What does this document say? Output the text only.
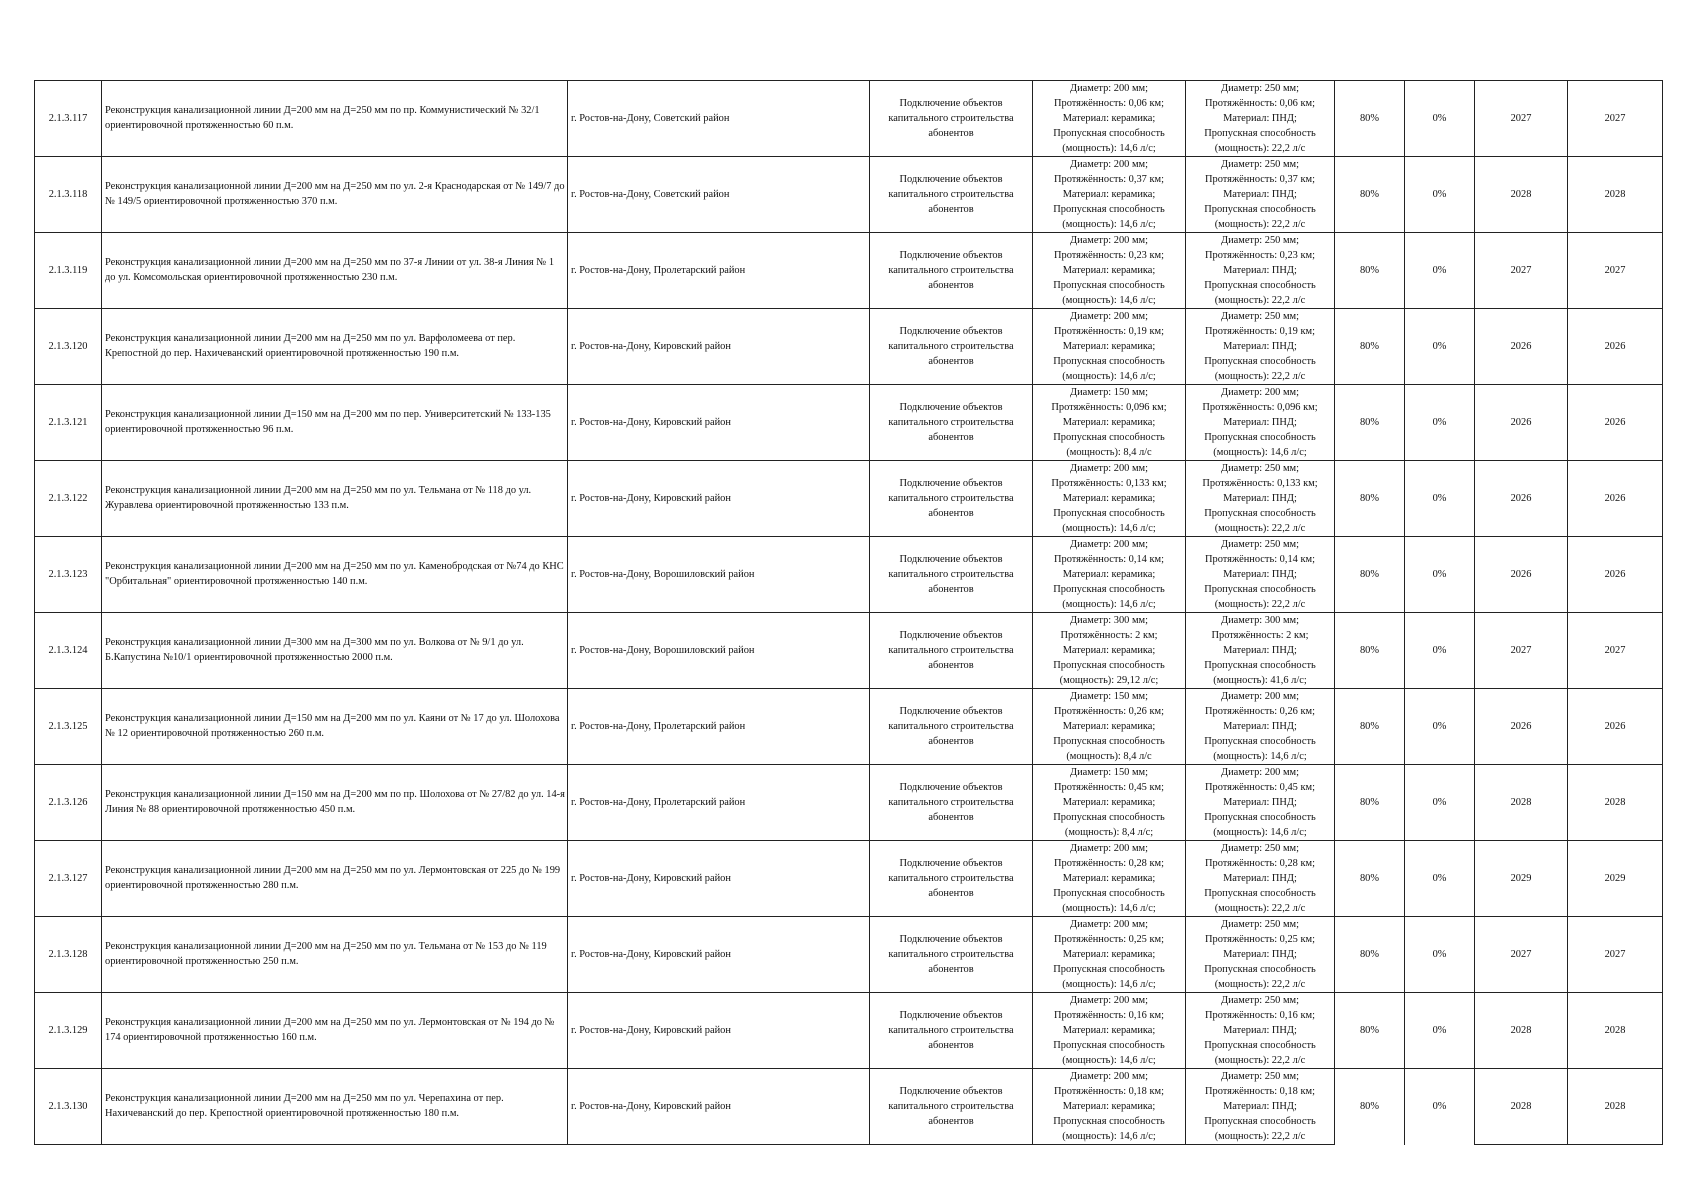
2.1.3.117	Реконструкция канализационной линии Д=200 мм на Д=250 мм по пр. Коммунистический № 32/1 ориентировочной протяженностью 60 п.м.	г. Ростов-на-Дону, Советский район	Подключение объектов капитального строительства абонентов	Диаметр: 200 мм;
Протяжённость: 0,06 км;
Материал: керамика;
Пропускная способность
(мощность): 14,6 л/с;	Диаметр: 250 мм;
Протяжённость: 0,06 км;
Материал: ПНД;
Пропускная способность
(мощность): 22,2 л/с	80%	0%	2027	2027
2.1.3.118	Реконструкция канализационной линии Д=200 мм на Д=250 мм по ул. 2-я Краснодарская от № 149/7 до № 149/5 ориентировочной протяженностью 370 п.м.	г. Ростов-на-Дону, Советский район	Подключение объектов капитального строительства абонентов	Диаметр: 200 мм;
Протяжённость: 0,37 км;
Материал: керамика;
Пропускная способность
(мощность): 14,6 л/с;	Диаметр: 250 мм;
Протяжённость: 0,37 км;
Материал: ПНД;
Пропускная способность
(мощность): 22,2 л/с	80%	0%	2028	2028
2.1.3.119	Реконструкция канализационной линии Д=200 мм на Д=250 мм по 37-я Линии от ул. 38-я Линия № 1 до ул. Комсомольская ориентировочной протяженностью 230 п.м.	г. Ростов-на-Дону, Пролетарский район	Подключение объектов капитального строительства абонентов	Диаметр: 200 мм;
Протяжённость: 0,23 км;
Материал: керамика;
Пропускная способность
(мощность): 14,6 л/с;	Диаметр: 250 мм;
Протяжённость: 0,23 км;
Материал: ПНД;
Пропускная способность
(мощность): 22,2 л/с	80%	0%	2027	2027
2.1.3.120	Реконструкция канализационной линии Д=200 мм на Д=250 мм по ул. Варфоломеева от пер. Крепостной до пер. Нахичеванский ориентировочной протяженностью 190 п.м.	г. Ростов-на-Дону, Кировский район	Подключение объектов капитального строительства абонентов	Диаметр: 200 мм;
Протяжённость: 0,19 км;
Материал: керамика;
Пропускная способность
(мощность): 14,6 л/с;	Диаметр: 250 мм;
Протяжённость: 0,19 км;
Материал: ПНД;
Пропускная способность
(мощность): 22,2 л/с	80%	0%	2026	2026
2.1.3.121	Реконструкция канализационной линии Д=150 мм на Д=200 мм по пер. Университетский № 133-135 ориентировочной протяженностью 96 п.м.	г. Ростов-на-Дону, Кировский район	Подключение объектов капитального строительства абонентов	Диаметр: 150 мм;
Протяжённость: 0,096 км;
Материал: керамика;
Пропускная способность
(мощность): 8,4 л/с	Диаметр: 200 мм;
Протяжённость: 0,096 км;
Материал: ПНД;
Пропускная способность
(мощность): 14,6 л/с;	80%	0%	2026	2026
2.1.3.122	Реконструкция канализационной линии Д=200 мм на Д=250 мм по ул. Тельмана от № 118 до ул. Журавлева ориентировочной протяженностью 133 п.м.	г. Ростов-на-Дону, Кировский район	Подключение объектов капитального строительства абонентов	Диаметр: 200 мм;
Протяжённость: 0,133 км;
Материал: керамика;
Пропускная способность
(мощность): 14,6 л/с;	Диаметр: 250 мм;
Протяжённость: 0,133 км;
Материал: ПНД;
Пропускная способность
(мощность): 22,2 л/с	80%	0%	2026	2026
2.1.3.123	Реконструкция канализационной линии Д=200 мм на Д=250 мм по ул. Каменобродская от №74 до КНС "Орбитальная" ориентировочной протяженностью 140 п.м.	г. Ростов-на-Дону, Ворошиловский район	Подключение объектов капитального строительства абонентов	Диаметр: 200 мм;
Протяжённость: 0,14 км;
Материал: керамика;
Пропускная способность
(мощность): 14,6 л/с;	Диаметр: 250 мм;
Протяжённость: 0,14 км;
Материал: ПНД;
Пропускная способность
(мощность): 22,2 л/с	80%	0%	2026	2026
2.1.3.124	Реконструкция канализационной линии Д=300 мм на Д=300 мм по ул. Волкова от № 9/1 до ул. Б.Капустина №10/1 ориентировочной протяженностью 2000 п.м.	г. Ростов-на-Дону, Ворошиловский район	Подключение объектов капитального строительства абонентов	Диаметр: 300 мм;
Протяжённость: 2 км;
Материал: керамика;
Пропускная способность
(мощность): 29,12 л/с;	Диаметр: 300 мм;
Протяжённость: 2 км;
Материал: ПНД;
Пропускная способность
(мощность): 41,6 л/с;	80%	0%	2027	2027
2.1.3.125	Реконструкция канализационной линии Д=150 мм на Д=200 мм по ул. Каяни от № 17 до ул. Шолохова № 12 ориентировочной протяженностью 260 п.м.	г. Ростов-на-Дону, Пролетарский район	Подключение объектов капитального строительства абонентов	Диаметр: 150 мм;
Протяжённость: 0,26 км;
Материал: керамика;
Пропускная способность
(мощность): 8,4 л/с	Диаметр: 200 мм;
Протяжённость: 0,26 км;
Материал: ПНД;
Пропускная способность
(мощность): 14,6 л/с;	80%	0%	2026	2026
2.1.3.126	Реконструкция канализационной линии Д=150 мм на Д=200 мм по пр. Шолохова от № 27/82 до ул. 14-я Линия № 88 ориентировочной протяженностью 450 п.м.	г. Ростов-на-Дону, Пролетарский район	Подключение объектов капитального строительства абонентов	Диаметр: 150 мм;
Протяжённость: 0,45 км;
Материал: керамика;
Пропускная способность
(мощность): 8,4 л/с;	Диаметр: 200 мм;
Протяжённость: 0,45 км;
Материал: ПНД;
Пропускная способность
(мощность): 14,6 л/с;	80%	0%	2028	2028
2.1.3.127	Реконструкция канализационной линии Д=200 мм на Д=250 мм по ул. Лермонтовская от 225 до № 199 ориентировочной протяженностью 280 п.м.	г. Ростов-на-Дону, Кировский район	Подключение объектов капитального строительства абонентов	Диаметр: 200 мм;
Протяжённость: 0,28 км;
Материал: керамика;
Пропускная способность
(мощность): 14,6 л/с;	Диаметр: 250 мм;
Протяжённость: 0,28 км;
Материал: ПНД;
Пропускная способность
(мощность): 22,2 л/с	80%	0%	2029	2029
2.1.3.128	Реконструкция канализационной линии Д=200 мм на Д=250 мм по ул. Тельмана от № 153 до № 119 ориентировочной протяженностью 250 п.м.	г. Ростов-на-Дону, Кировский район	Подключение объектов капитального строительства абонентов	Диаметр: 200 мм;
Протяжённость: 0,25 км;
Материал: керамика;
Пропускная способность
(мощность): 14,6 л/с;	Диаметр: 250 мм;
Протяжённость: 0,25 км;
Материал: ПНД;
Пропускная способность
(мощность): 22,2 л/с	80%	0%	2027	2027
2.1.3.129	Реконструкция канализационной линии Д=200 мм на Д=250 мм по ул. Лермонтовская от № 194 до № 174 ориентировочной протяженностью 160 п.м.	г. Ростов-на-Дону, Кировский район	Подключение объектов капитального строительства абонентов	Диаметр: 200 мм;
Протяжённость: 0,16 км;
Материал: керамика;
Пропускная способность
(мощность): 14,6 л/с;	Диаметр: 250 мм;
Протяжённость: 0,16 км;
Материал: ПНД;
Пропускная способность
(мощность): 22,2 л/с	80%	0%	2028	2028
2.1.3.130	Реконструкция канализационной линии Д=200 мм на Д=250 мм по ул. Черепахина от пер. Нахичеванский до пер. Крепостной ориентировочной протяженностью 180 п.м.	г. Ростов-на-Дону, Кировский район	Подключение объектов капитального строительства абонентов	Диаметр: 200 мм;
Протяжённость: 0,18 км;
Материал: керамика;
Пропускная способность
(мощность): 14,6 л/с;	Диаметр: 250 мм;
Протяжённость: 0,18 км;
Материал: ПНД;
Пропускная способность
(мощность): 22,2 л/с	80%	0%	2028	2028
